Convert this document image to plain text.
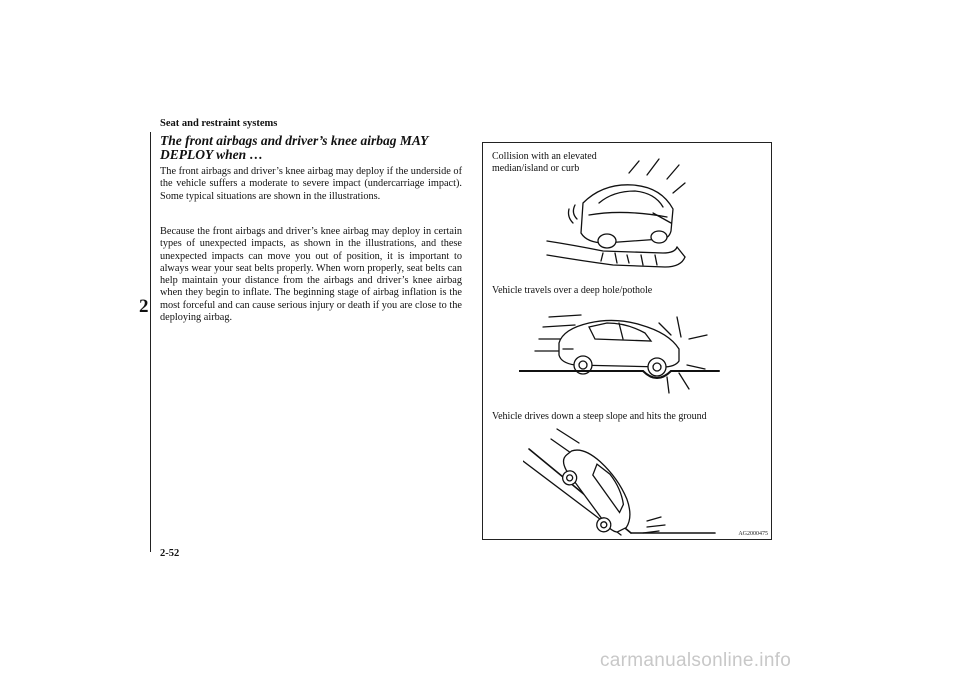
Seat and restraint systems
2
The front airbags and driver’s knee airbag MAY DEPLOY when …
The front airbags and driver’s knee airbag may deploy if the underside of the vehicle suffers a moderate to severe impact (undercarriage impact). Some typical situations are shown in the illustrations.
Because the front airbags and driver’s knee airbag may deploy in certain types of unexpected impacts, as shown in the illustrations, and these unexpected impacts can move you out of position, it is important to always wear your seat belts properly. When worn properly, seat belts can help maintain your distance from the airbags and driver’s knee airbag when they begin to inflate. The beginning stage of airbag inflation is the most forceful and can cause serious injury or death if you are close to the deploying airbag.
Collision with an elevated median/island or curb
Vehicle travels over a deep hole/pothole
Vehicle drives down a steep slope and hits the ground
AG2000475
2-52
carmanualsonline.info
